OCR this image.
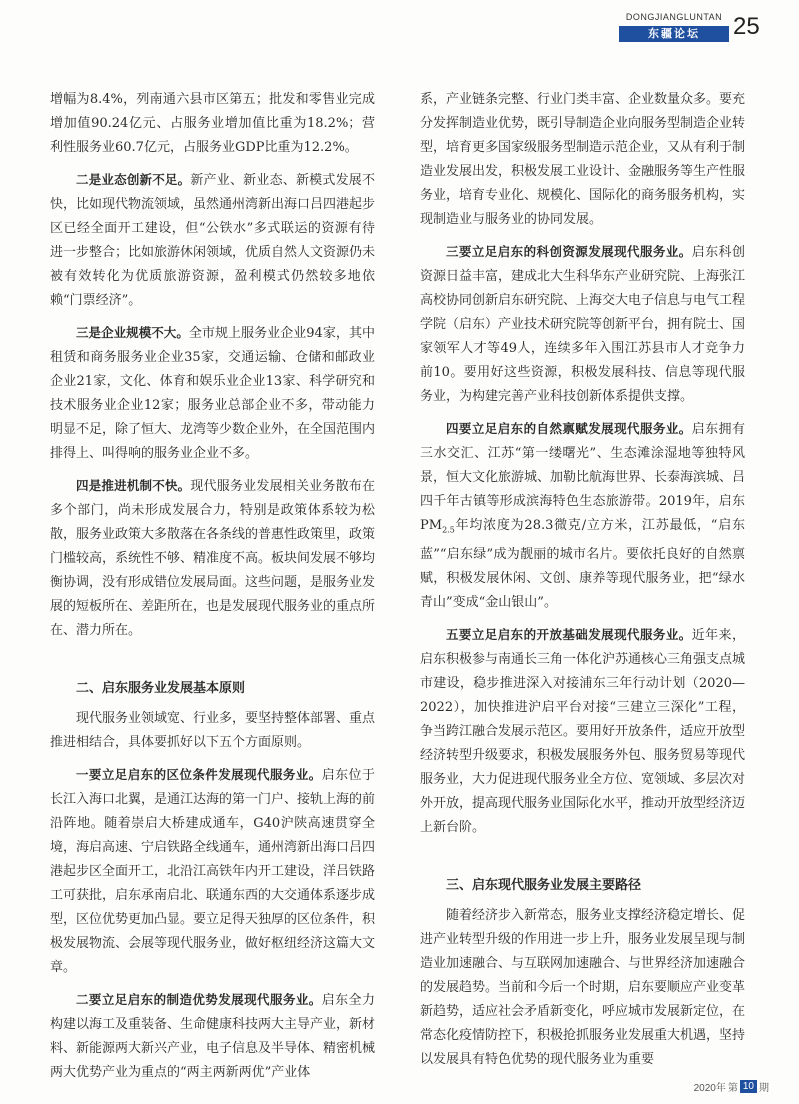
DONGJIANGLUNTAN
东疆论坛	25

增幅为8.4%，列南通六县市区第五；批发和零售业完成增加值90.24亿元、占服务业增加值比重为18.2%；营利性服务业60.7亿元，占服务业GDP比重为12.2%。

二是业态创新不足。新产业、新业态、新模式发展不快，比如现代物流领域，虽然通州湾新出海口吕四港起步区已经全面开工建设，但“公铁水”多式联运的资源有待进一步整合；比如旅游休闲领域，优质自然人文资源仍未被有效转化为优质旅游资源，盈利模式仍然较多地依赖“门票经济”。

三是企业规模不大。全市规上服务业企业94家，其中租赁和商务服务业企业35家，交通运输、仓储和邮政业企业21家，文化、体育和娱乐业企业13家、科学研究和技术服务业企业12家；服务业总部企业不多，带动能力明显不足，除了恒大、龙湾等少数企业外，在全国范围内排得上、叫得响的服务业企业不多。

四是推进机制不快。现代服务业发展相关业务散布在多个部门，尚未形成发展合力，特别是政策体系较为松散，服务业政策大多散落在各条线的普惠性政策里，政策门槛较高，系统性不够、精准度不高。板块间发展不够均衡协调，没有形成错位发展局面。这些问题，是服务业发展的短板所在、差距所在，也是发展现代服务业的重点所在、潜力所在。

二、启东服务业发展基本原则

现代服务业领域宽、行业多，要坚持整体部署、重点推进相结合，具体要抓好以下五个方面原则。

一要立足启东的区位条件发展现代服务业。启东位于长江入海口北翼，是通江达海的第一门户、接轨上海的前沿阵地。随着崇启大桥建成通车，G40沪陕高速贯穿全境，海启高速、宁启铁路全线通车，通州湾新出海口吕四港起步区全面开工，北沿江高铁年内开工建设，洋吕铁路工可获批，启东承南启北、联通东西的大交通体系逐步成型，区位优势更加凸显。要立足得天独厚的区位条件，积极发展物流、会展等现代服务业，做好枢纽经济这篇大文章。

二要立足启东的制造优势发展现代服务业。启东全力构建以海工及重装备、生命健康科技两大主导产业，新材料、新能源两大新兴产业，电子信息及半导体、精密机械两大优势产业为重点的“两主两新两优”产业体

系，产业链条完整、行业门类丰富、企业数量众多。要充分发挥制造业优势，既引导制造企业向服务型制造企业转型，培育更多国家级服务型制造示范企业，又从有利于制造业发展出发，积极发展工业设计、金融服务等生产性服务业，培育专业化、规模化、国际化的商务服务机构，实现制造业与服务业的协同发展。

三要立足启东的科创资源发展现代服务业。启东科创资源日益丰富，建成北大生科华东产业研究院、上海张江高校协同创新启东研究院、上海交大电子信息与电气工程学院（启东）产业技术研究院等创新平台，拥有院士、国家领军人才等49人，连续多年入围江苏县市人才竞争力前10。要用好这些资源，积极发展科技、信息等现代服务业，为构建完善产业科技创新体系提供支撑。

四要立足启东的自然禀赋发展现代服务业。启东拥有三水交汇、江苏“第一缕曙光”、生态滩涂湿地等独特风景，恒大文化旅游城、加勒比航海世界、长泰海滨城、吕四千年古镇等形成滨海特色生态旅游带。2019年，启东$PM_{2.5}$年均浓度为28.3微克/立方米，江苏最低，“启东蓝”“启东绿”成为靓丽的城市名片。要依托良好的自然禀赋，积极发展休闲、文创、康养等现代服务业，把“绿水青山”变成“金山银山”。

五要立足启东的开放基础发展现代服务业。近年来，启东积极参与南通长三角一体化沪苏通核心三角强支点城市建设，稳步推进深入对接浦东三年行动计划（2020—2022），加快推进沪启平台对接“三建立三深化”工程，争当跨江融合发展示范区。要用好开放条件，适应开放型经济转型升级要求，积极发展服务外包、服务贸易等现代服务业，大力促进现代服务业全方位、宽领域、多层次对外开放，提高现代服务业国际化水平，推动开放型经济迈上新台阶。

三、启东现代服务业发展主要路径

随着经济步入新常态，服务业支撑经济稳定增长、促进产业转型升级的作用进一步上升，服务业发展呈现与制造业加速融合、与互联网加速融合、与世界经济加速融合的发展趋势。当前和今后一个时期，启东要顺应产业变革新趋势，适应社会矛盾新变化，呼应城市发展新定位，在常态化疫情防控下，积极抢抓服务业发展重大机遇，坚持以发展具有特色优势的现代服务业为重要

2020年 第 10 期
